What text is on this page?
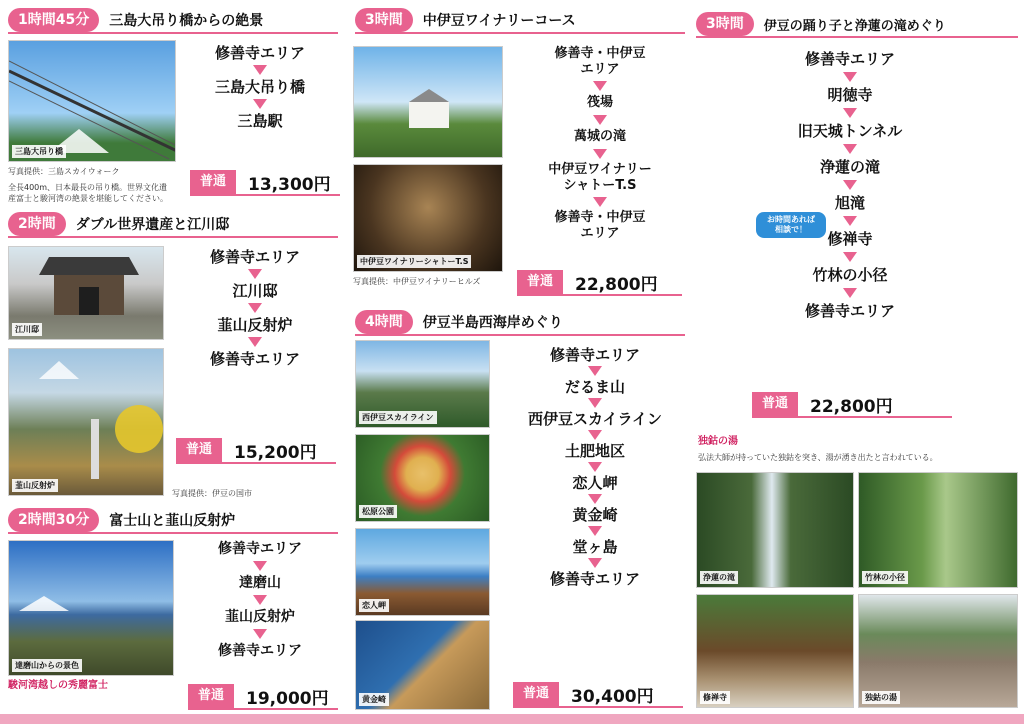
1時間45分	三島大吊り橋からの絶景
三島大吊り橋
写真提供：三島スカイウォーク
全長400m、日本最長の吊り橋。世界文化遺
産富士と駿河湾の絶景を堪能してください。
修善寺エリア
三島大吊り橋
三島駅
普通	13,300円
2時間	ダブル世界遺産と江川邸
江川邸
韮山反射炉
写真提供：伊豆の国市
修善寺エリア
江川邸
韮山反射炉
修善寺エリア
普通	15,200円
2時間30分	富士山と韮山反射炉
達磨山からの景色
駿河湾越しの秀麗富士
修善寺エリア
達磨山
韮山反射炉
修善寺エリア
普通	19,000円
3時間	中伊豆ワイナリーコース
中伊豆ワイナリーシャトーT.S
写真提供：中伊豆ワイナリーヒルズ
修善寺・中伊豆
エリア
筏場
萬城の滝
中伊豆ワイナリー
シャトーT.S
修善寺・中伊豆
エリア
普通	22,800円
4時間	伊豆半島西海岸めぐり
西伊豆スカイライン
松原公園
恋人岬
黄金崎
修善寺エリア
だるま山
西伊豆スカイライン
土肥地区
恋人岬
黄金崎
堂ヶ島
修善寺エリア
普通	30,400円
3時間	伊豆の踊り子と浄蓮の滝めぐり
修善寺エリア
明徳寺
旧天城トンネル
浄蓮の滝
旭滝
修禅寺
竹林の小径
修善寺エリア
お時間あれば
相談で！
普通	22,800円
独鈷の湯
弘法大師が持っていた独鈷を突き、湯が湧き出たと言われている。
浄蓮の滝	竹林の小径
修禅寺	独鈷の湯
